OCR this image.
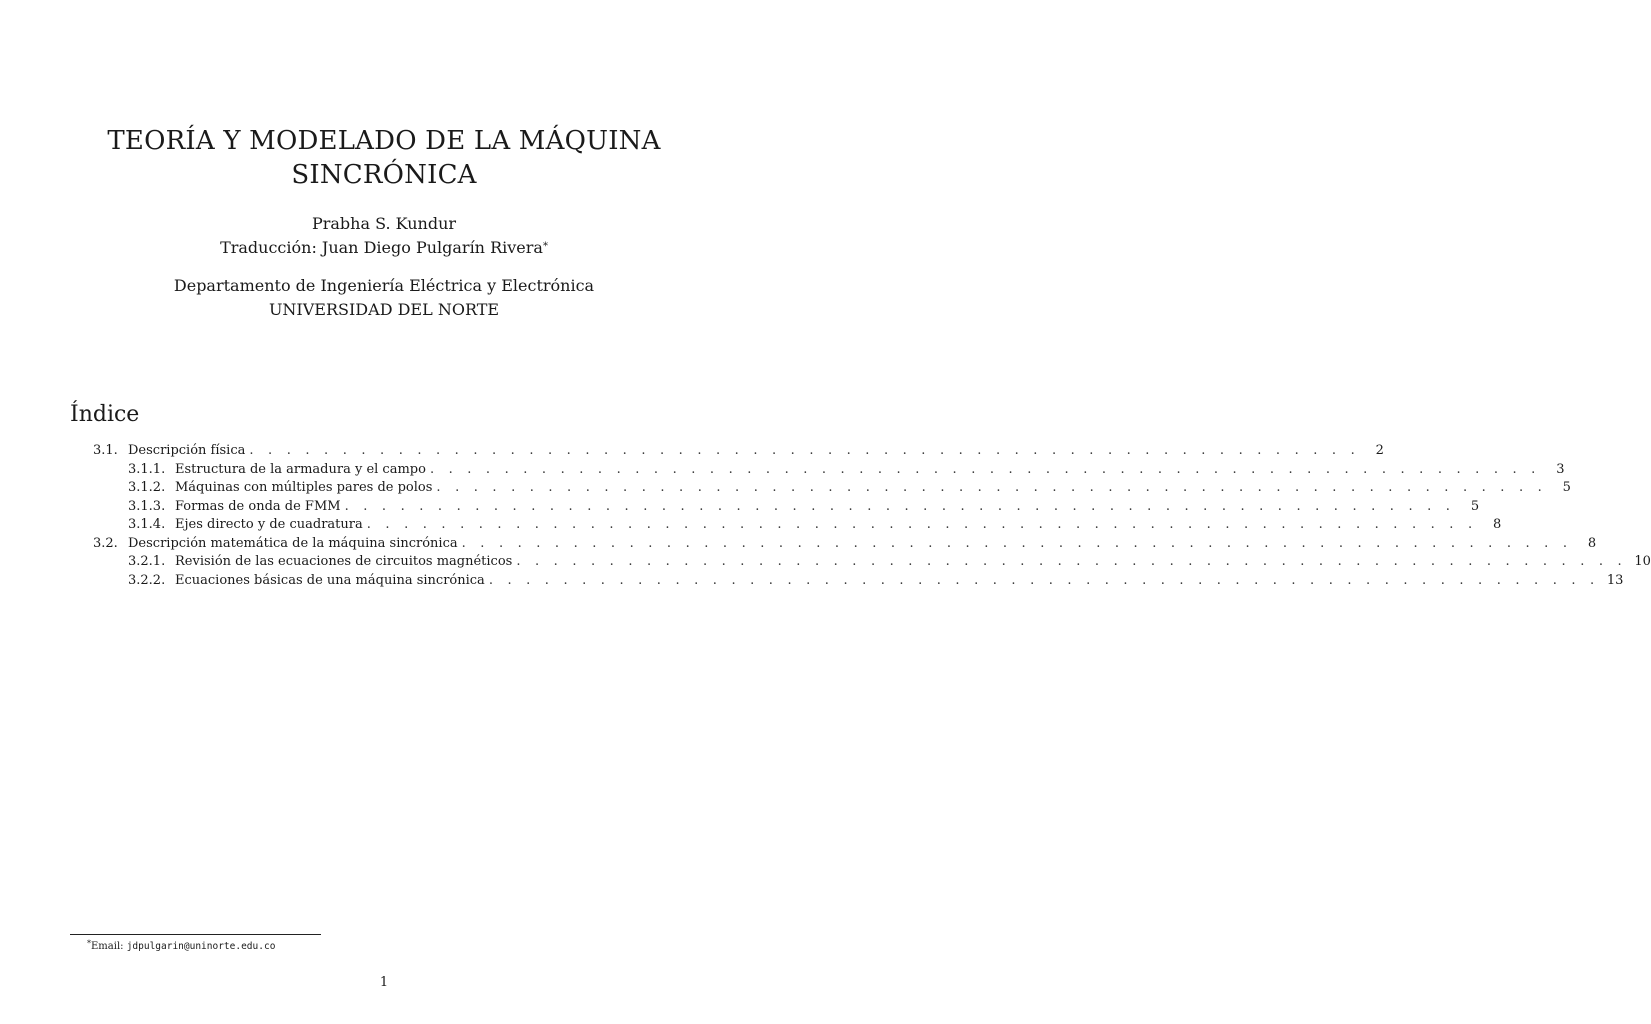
TEORÍA Y MODELADO DE LA MÁQUINA
SINCRÓNICA
Prabha S. Kundur
Traducción: Juan Diego Pulgarín Rivera*
Departamento de Ingeniería Eléctrica y Electrónica
UNIVERSIDAD DEL NORTE
Índice
3.1. Descripción física . . . . . . . . . . . . . . . . . . . . . . . . . . . . . . . . . . . . . . . . . . . . . . . . . . . . . . . . . . . .	2
3.1.1. Estructura de la armadura y el campo . . . . . . . . . . . . . . . . . . . . . . . . . . . . . . . . . . . . . . . . . . . . . . . . . . . . . . . . . . . .	3
3.1.2. Máquinas con múltiples pares de polos . . . . . . . . . . . . . . . . . . . . . . . . . . . . . . . . . . . . . . . . . . . . . . . . . . . . . . . . . . . .	5
3.1.3. Formas de onda de FMM . . . . . . . . . . . . . . . . . . . . . . . . . . . . . . . . . . . . . . . . . . . . . . . . . . . . . . . . . . . .	5
3.1.4. Ejes directo y de cuadratura . . . . . . . . . . . . . . . . . . . . . . . . . . . . . . . . . . . . . . . . . . . . . . . . . . . . . . . . . . . .	8
3.2. Descripción matemática de la máquina sincrónica . . . . . . . . . . . . . . . . . . . . . . . . . . . . . . . . . . . . . . . . . . . . . . . . . . . . . . . . . . . .	8
3.2.1. Revisión de las ecuaciones de circuitos magnéticos . . . . . . . . . . . . . . . . . . . . . . . . . . . . . . . . . . . . . . . . . . . . . . . . . . . . . . . . . . . . 10
3.2.2. Ecuaciones básicas de una máquina sincrónica . . . . . . . . . . . . . . . . . . . . . . . . . . . . . . . . . . . . . . . . . . . . . . . . . . . . . . . . . . . . 13
*Email: jdpulgarin@uninorte.edu.co
1
